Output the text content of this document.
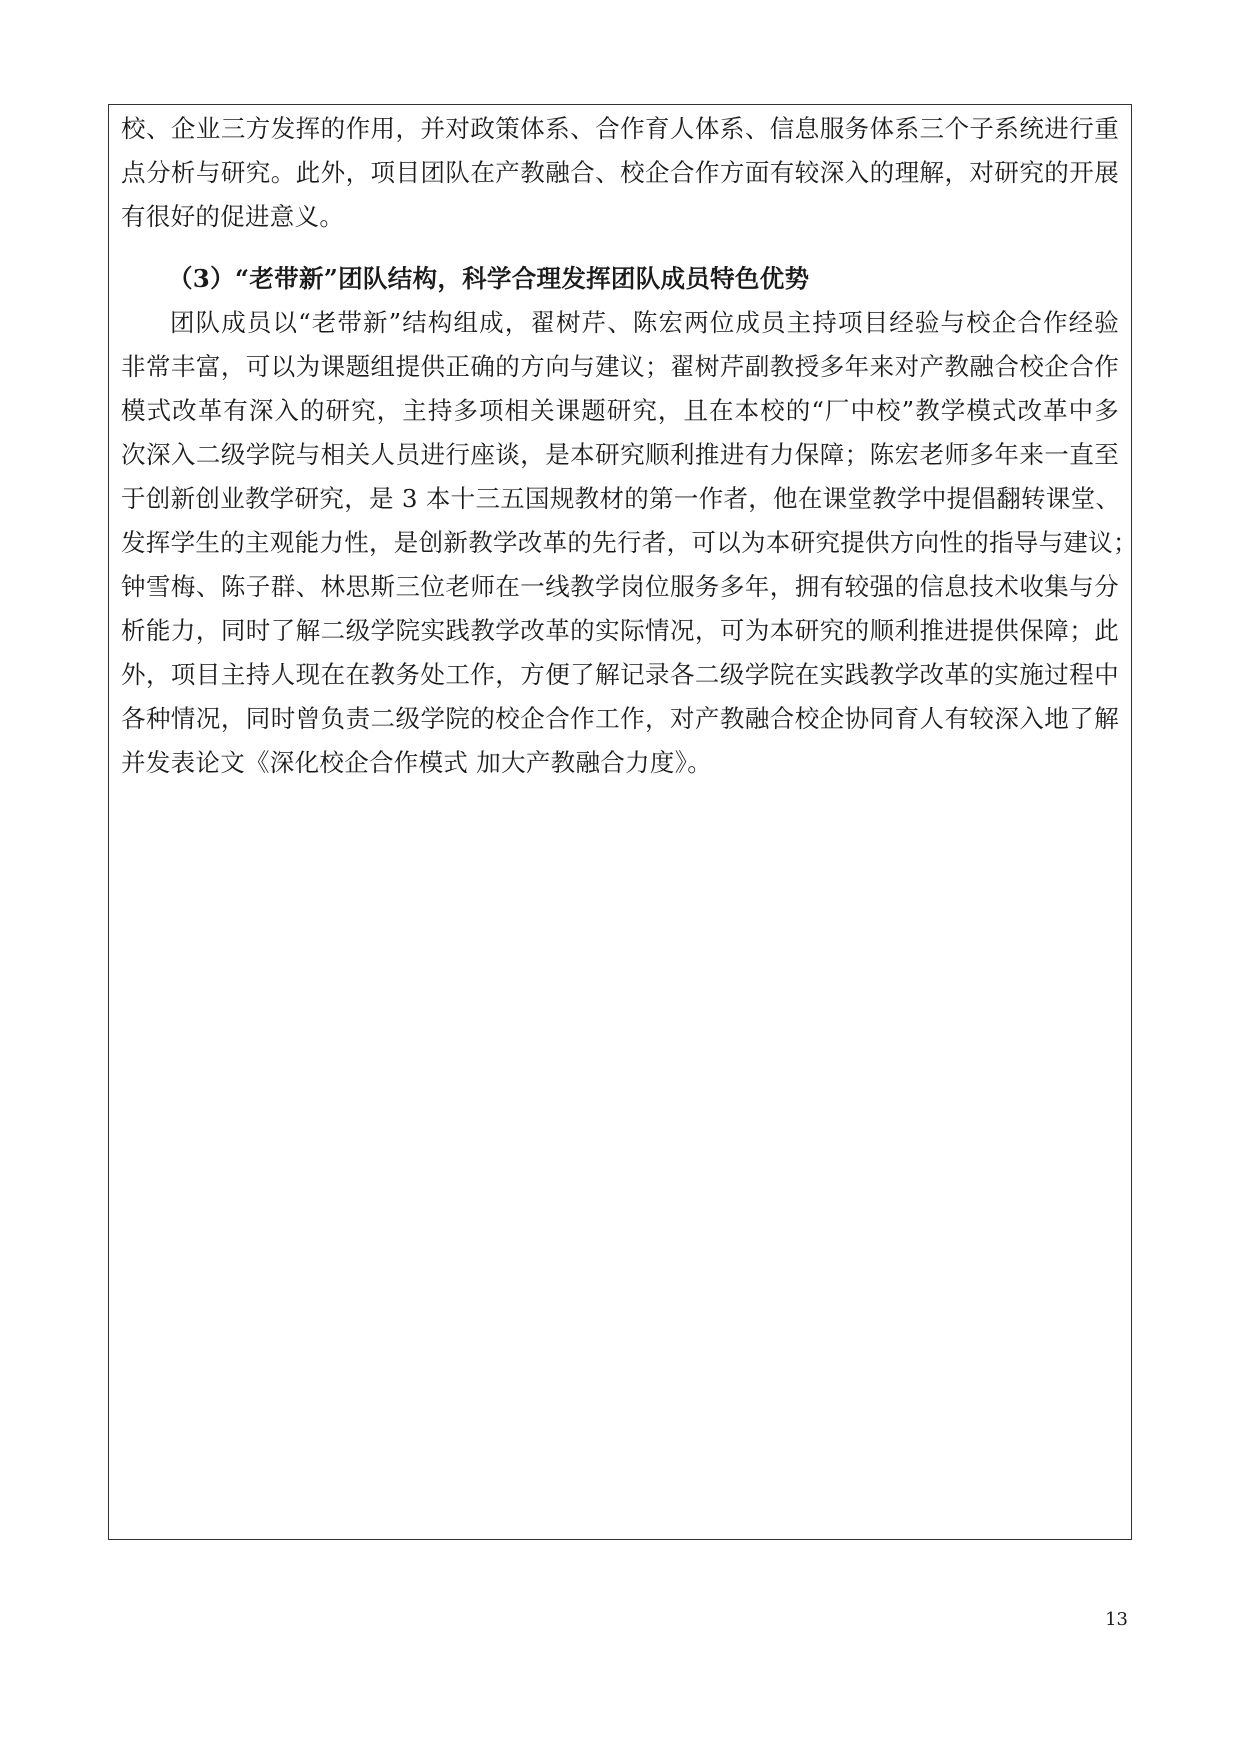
校、企业三方发挥的作用，并对政策体系、合作育人体系、信息服务体系三个子系统进行重
点分析与研究。此外，项目团队在产教融合、校企合作方面有较深入的理解，对研究的开展
有很好的促进意义。
（3）“老带新”团队结构，科学合理发挥团队成员特色优势
团队成员以“老带新”结构组成，翟树芹、陈宏两位成员主持项目经验与校企合作经验
非常丰富，可以为课题组提供正确的方向与建议；翟树芹副教授多年来对产教融合校企合作
模式改革有深入的研究，主持多项相关课题研究，且在本校的“厂中校”教学模式改革中多
次深入二级学院与相关人员进行座谈，是本研究顺利推进有力保障；陈宏老师多年来一直至
于创新创业教学研究，是 3 本十三五国规教材的第一作者，他在课堂教学中提倡翻转课堂、
发挥学生的主观能力性，是创新教学改革的先行者，可以为本研究提供方向性的指导与建议；
钟雪梅、陈子群、林思斯三位老师在一线教学岗位服务多年，拥有较强的信息技术收集与分
析能力，同时了解二级学院实践教学改革的实际情况，可为本研究的顺利推进提供保障；此
外，项目主持人现在在教务处工作，方便了解记录各二级学院在实践教学改革的实施过程中
各种情况，同时曾负责二级学院的校企合作工作，对产教融合校企协同育人有较深入地了解
并发表论文《深化校企合作模式 加大产教融合力度》。
13
